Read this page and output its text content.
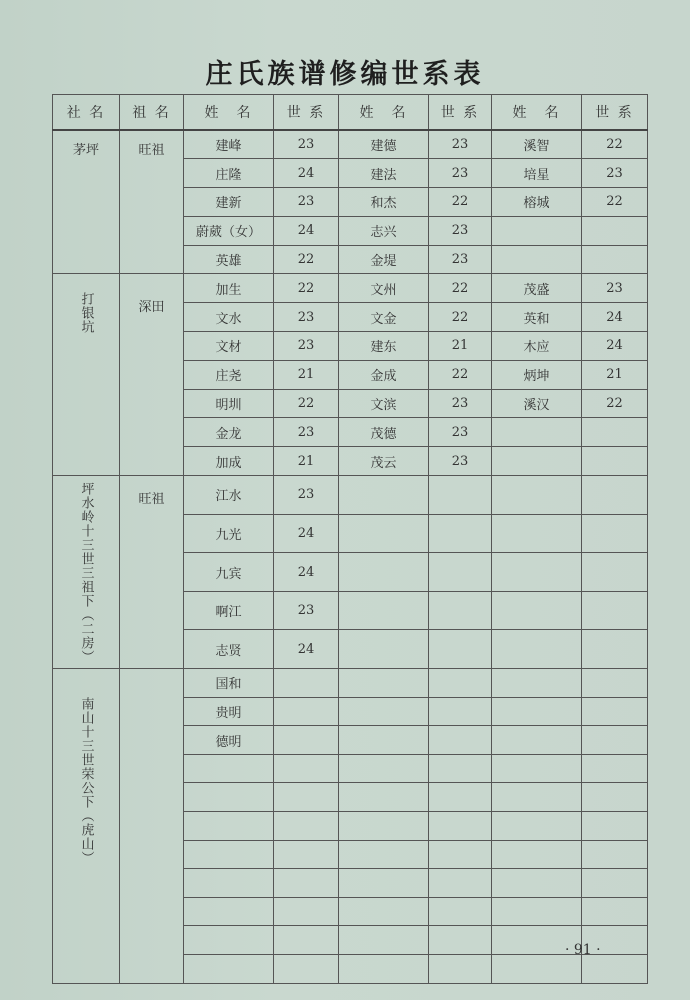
庄氏族谱修编世系表
社 名	祖 名	姓　名	世 系	姓　名	世 系	姓　名	世 系
茅坪	旺祖	建峰	23	建德	23	溪智	22
		庄隆	24	建法	23	培星	23
		建新	23	和杰	22	榕城	22
		蔚葳（女）	24	志兴	23		
		英雄	22	金堤	23		
打银坑	深田	加生	22	文州	22	茂盛	23
		文水	23	文金	22	英和	24
		文材	23	建东	21	木应	24
		庄尧	21	金成	22	炳坤	21
		明圳	22	文滨	23	溪汉	22
		金龙	23	茂德	23		
		加成	21	茂云	23		
坪水岭十三世三祖下（二房）	旺祖	江水	23				
		九光	24				
		九宾	24				
		啊江	23				
		志贤	24				
南山十三世荣公下（虎山）		国和					
		贵明					
		德明					

· 91 ·
